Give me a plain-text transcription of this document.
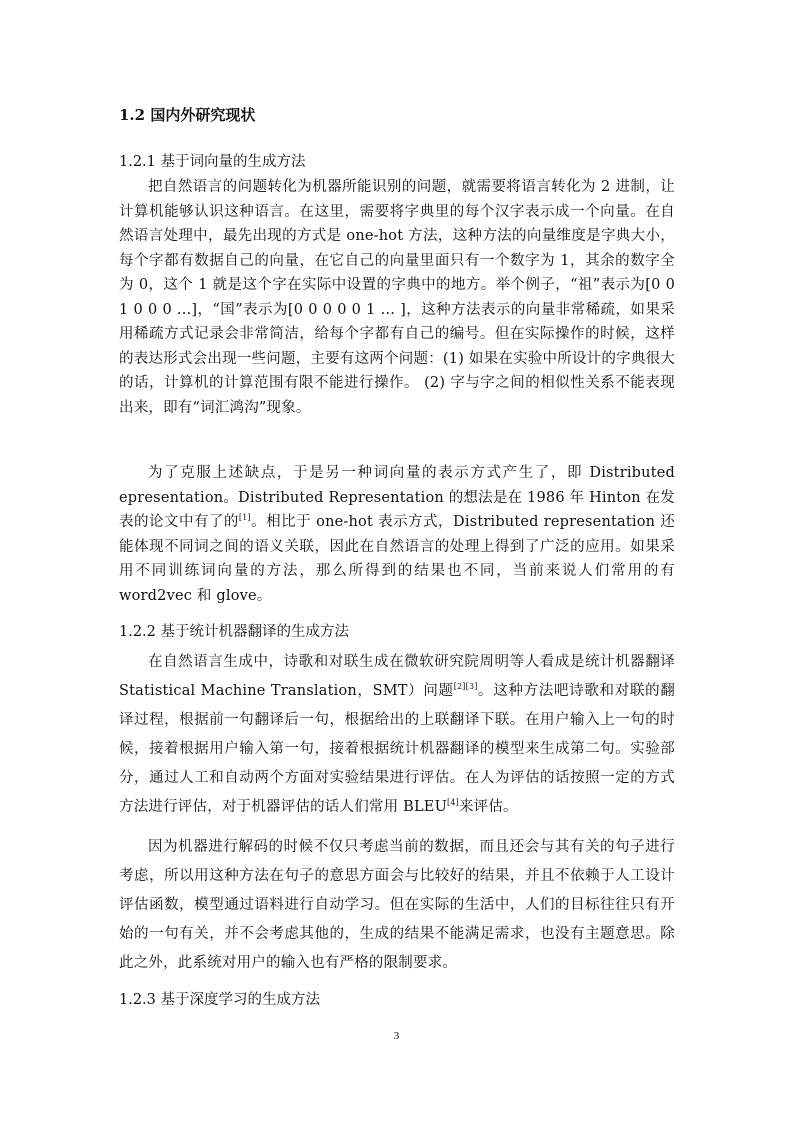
1.2 国内外研究现状
1.2.1 基于词向量的生成方法
把自然语言的问题转化为机器所能识别的问题，就需要将语言转化为 2 进制，让计算机能够认识这种语言。在这里，需要将字典里的每个汉字表示成一个向量。在自然语言处理中，最先出现的方式是 one-hot 方法，这种方法的向量维度是字典大小，每个字都有数据自己的向量，在它自己的向量里面只有一个数字为 1，其余的数字全为 0，这个 1 就是这个字在实际中设置的字典中的地方。举个例子，“祖”表示为[0 0 1 0 0 0 ...]，“国”表示为[0 0 0 0 0 1 ... ]，这种方法表示的向量非常稀疏，如果采用稀疏方式记录会非常简洁，给每个字都有自己的编号。但在实际操作的时候，这样的表达形式会出现一些问题，主要有这两个问题：(1) 如果在实验中所设计的字典很大的话，计算机的计算范围有限不能进行操作。 (2) 字与字之间的相似性关系不能表现出来，即有“词汇鸿沟”现象。
为了克服上述缺点，于是另一种词向量的表示方式产生了，即 Distributed epresentation。Distributed Representation 的想法是在 1986 年 Hinton 在发表的论文中有了的[1]。相比于 one-hot 表示方式，Distributed representation 还能体现不同词之间的语义关联，因此在自然语言的处理上得到了广泛的应用。如果采用不同训练词向量的方法，那么所得到的结果也不同，当前来说人们常用的有 word2vec 和 glove。
1.2.2 基于统计机器翻译的生成方法
在自然语言生成中，诗歌和对联生成在微软研究院周明等人看成是统计机器翻译 Statistical Machine Translation，SMT）问题[2][3]。这种方法吧诗歌和对联的翻译过程，根据前一句翻译后一句，根据给出的上联翻译下联。在用户输入上一句的时候，接着根据用户输入第一句，接着根据统计机器翻译的模型来生成第二句。实验部分，通过人工和自动两个方面对实验结果进行评估。在人为评估的话按照一定的方式方法进行评估，对于机器评估的话人们常用 BLEU[4]来评估。
因为机器进行解码的时候不仅只考虑当前的数据，而且还会与其有关的句子进行考虑，所以用这种方法在句子的意思方面会与比较好的结果，并且不依赖于人工设计评估函数，模型通过语料进行自动学习。但在实际的生活中，人们的目标往往只有开始的一句有关，并不会考虑其他的，生成的结果不能满足需求，也没有主题意思。除此之外，此系统对用户的输入也有严格的限制要求。
1.2.3 基于深度学习的生成方法
3
